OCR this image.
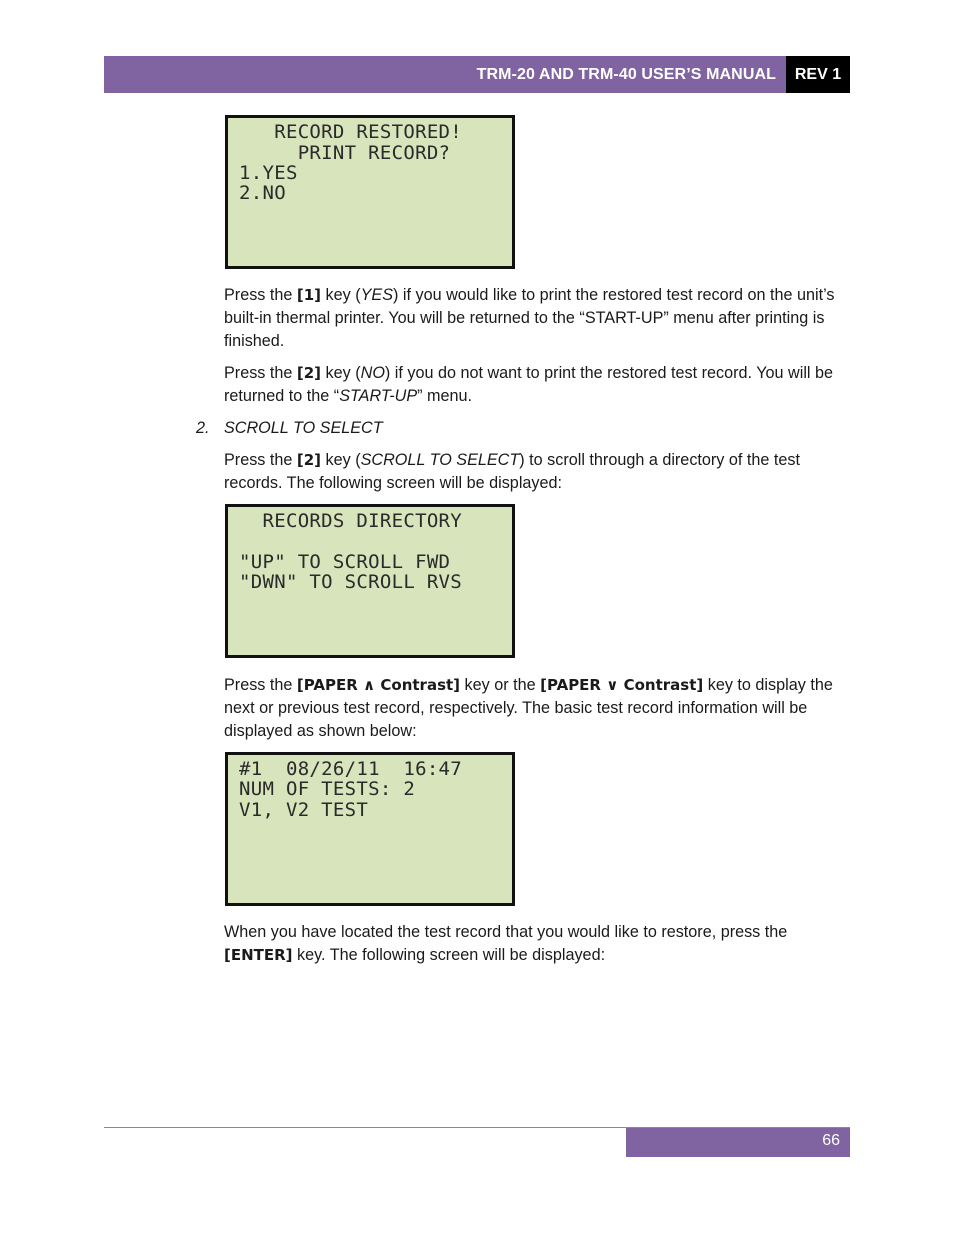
TRM-20 AND TRM-40 USER’S MANUAL	REV 1
RECORD RESTORED!
PRINT RECORD?
1.YES
2.NO
Press the [1] key (YES) if you would like to print the restored test record on the unit’s built-in thermal printer. You will be returned to the “START-UP” menu after printing is finished.
Press the [2] key (NO) if you do not want to print the restored test record. You will be returned to the “START-UP” menu.
2. SCROLL TO SELECT
Press the [2] key (SCROLL TO SELECT) to scroll through a directory of the test records. The following screen will be displayed:
RECORDS DIRECTORY
"UP" TO SCROLL FWD
"DWN" TO SCROLL RVS
Press the [PAPER ∧ Contrast] key or the [PAPER ∨ Contrast] key to display the next or previous test record, respectively. The basic test record information will be displayed as shown below:
#1  08/26/11  16:47
NUM OF TESTS: 2
V1, V2 TEST
When you have located the test record that you would like to restore, press the [ENTER] key. The following screen will be displayed:
66
